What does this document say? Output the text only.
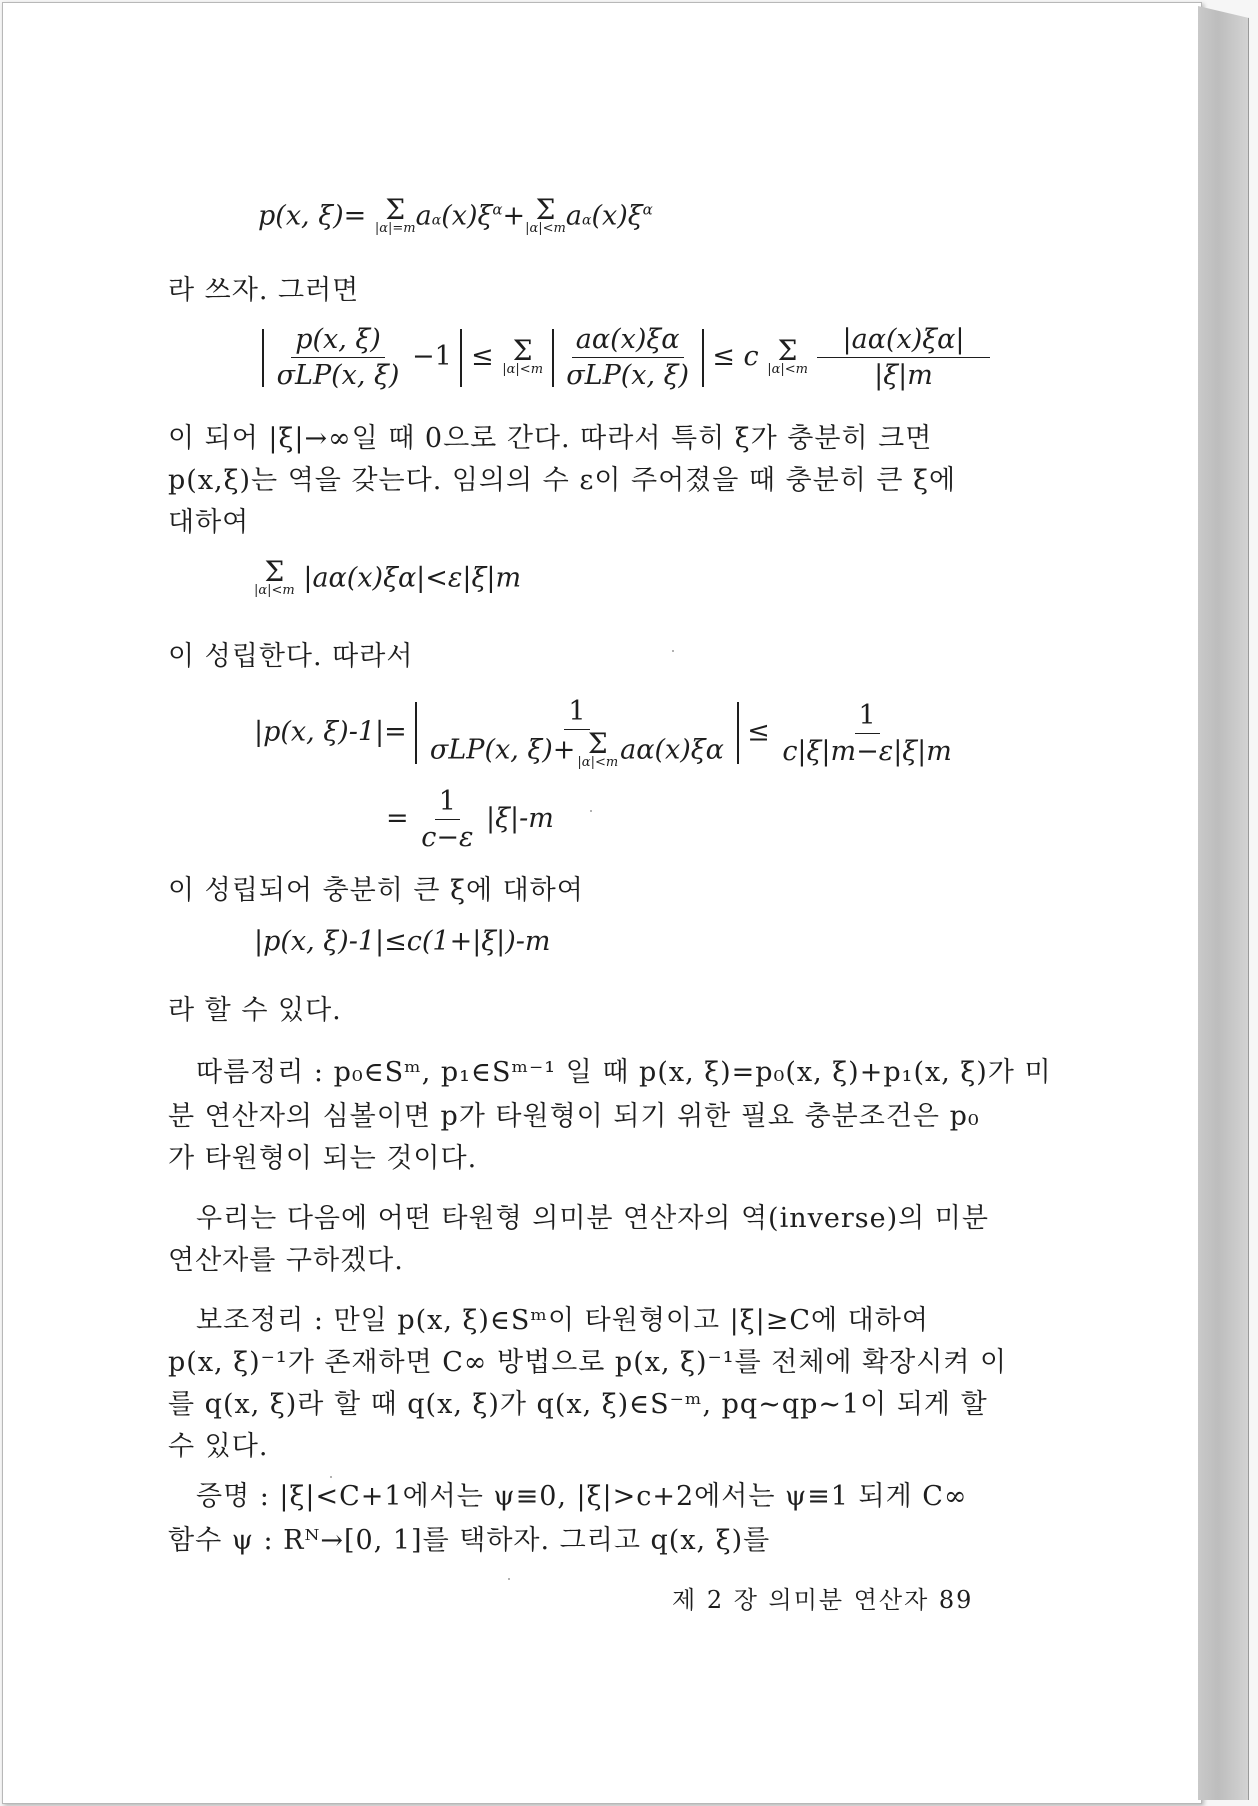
p(x, ξ)= Σ
|α|=m $a\alpha(x)\xi^\alpha+ \Sigma$
|α|<m $a\alpha(x)\xi^\alpha$
라 쓰자. 그러면

$\frac{p(x, \xi)}{\text{σLP(x, ξ)}} -1 \le \Sigma$
|α|<m
$\frac{a\alpha(x)\xi\alpha}{\text{σLP(x, ξ)}} \le c$ Σ
|α|<m
$\frac{|a\alpha(x)\xi\alpha|}{|\xi|m}$
이 되어 |ξ|→∞일 때 0으로 간다. 따라서 특히 ξ가 충분히 크면
p(x,ξ)는 역을 갖는다. 임의의 수 ε이 주어졌을 때 충분히 큰 ξ에
대하여
Σ
|α|<m |aα(x)ξα|<ε|ξ|m
이 성립한다. 따라서
|p(x, ξ)-1|= 1
σLP(x, ξ)+ Σ
|α|<m $a\alpha(x)\xi\alpha \le \frac{1}{c|\xi|m-\varepsilon|\xi|m}$
= $\frac{1}{c-\varepsilon} |\xi|-m$
이 성립되어 충분히 큰 ξ에 대하여
|p(x, ξ)-1|≤c(1+|ξ|)-m
라 할 수 있다.
따름정리 : p₀∈Sᵐ, p₁∈Sᵐ⁻¹ 일 때 p(x, ξ)=p₀(x, ξ)+p₁(x, ξ)가 미
분 연산자의 심볼이면 p가 타원형이 되기 위한 필요 충분조건은 p₀
가 타원형이 되는 것이다.
우리는 다음에 어떤 타원형 의미분 연산자의 역(inverse)의 미분
연산자를 구하겠다.
보조정리 : 만일 p(x, ξ)∈Sᵐ이 타원형이고 |ξ|≥C에 대하여
p(x, ξ)⁻¹가 존재하면 C∞ 방법으로 p(x, ξ)⁻¹를 전체에 확장시켜 이
를 q(x, ξ)라 할 때 q(x, ξ)가 q(x, ξ)∈S⁻ᵐ, pq~qp~1이 되게 할
수 있다.
증명 : |ξ|<C+1에서는 ψ≡0, |ξ|>c+2에서는 ψ≡1 되게 C∞
함수 ψ : Rᴺ→[0, 1]를 택하자. 그리고 q(x, ξ)를
제 2 장 의미분 연산자 89
